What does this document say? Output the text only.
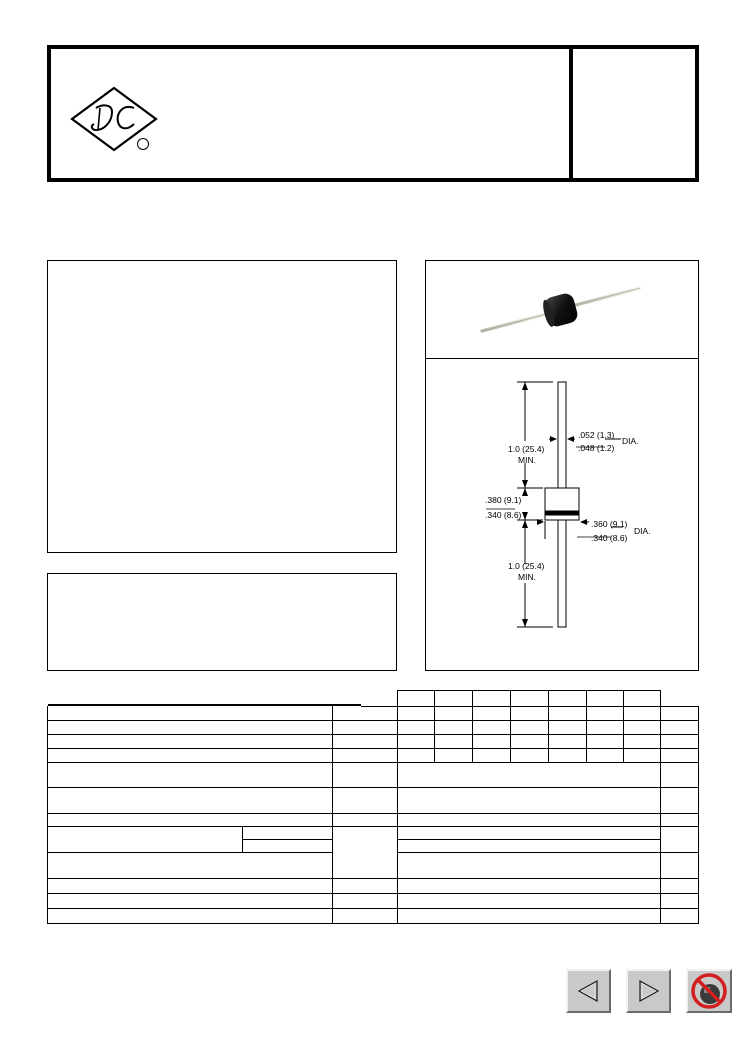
.052 (1.3)
.048 (1.2)
DIA.
1.0 (25.4)
MIN.
.380 (9.1)
.340 (8.6)
.360 (9.1)
.340 (8.6)
DIA.
1.0 (25.4)
MIN.
